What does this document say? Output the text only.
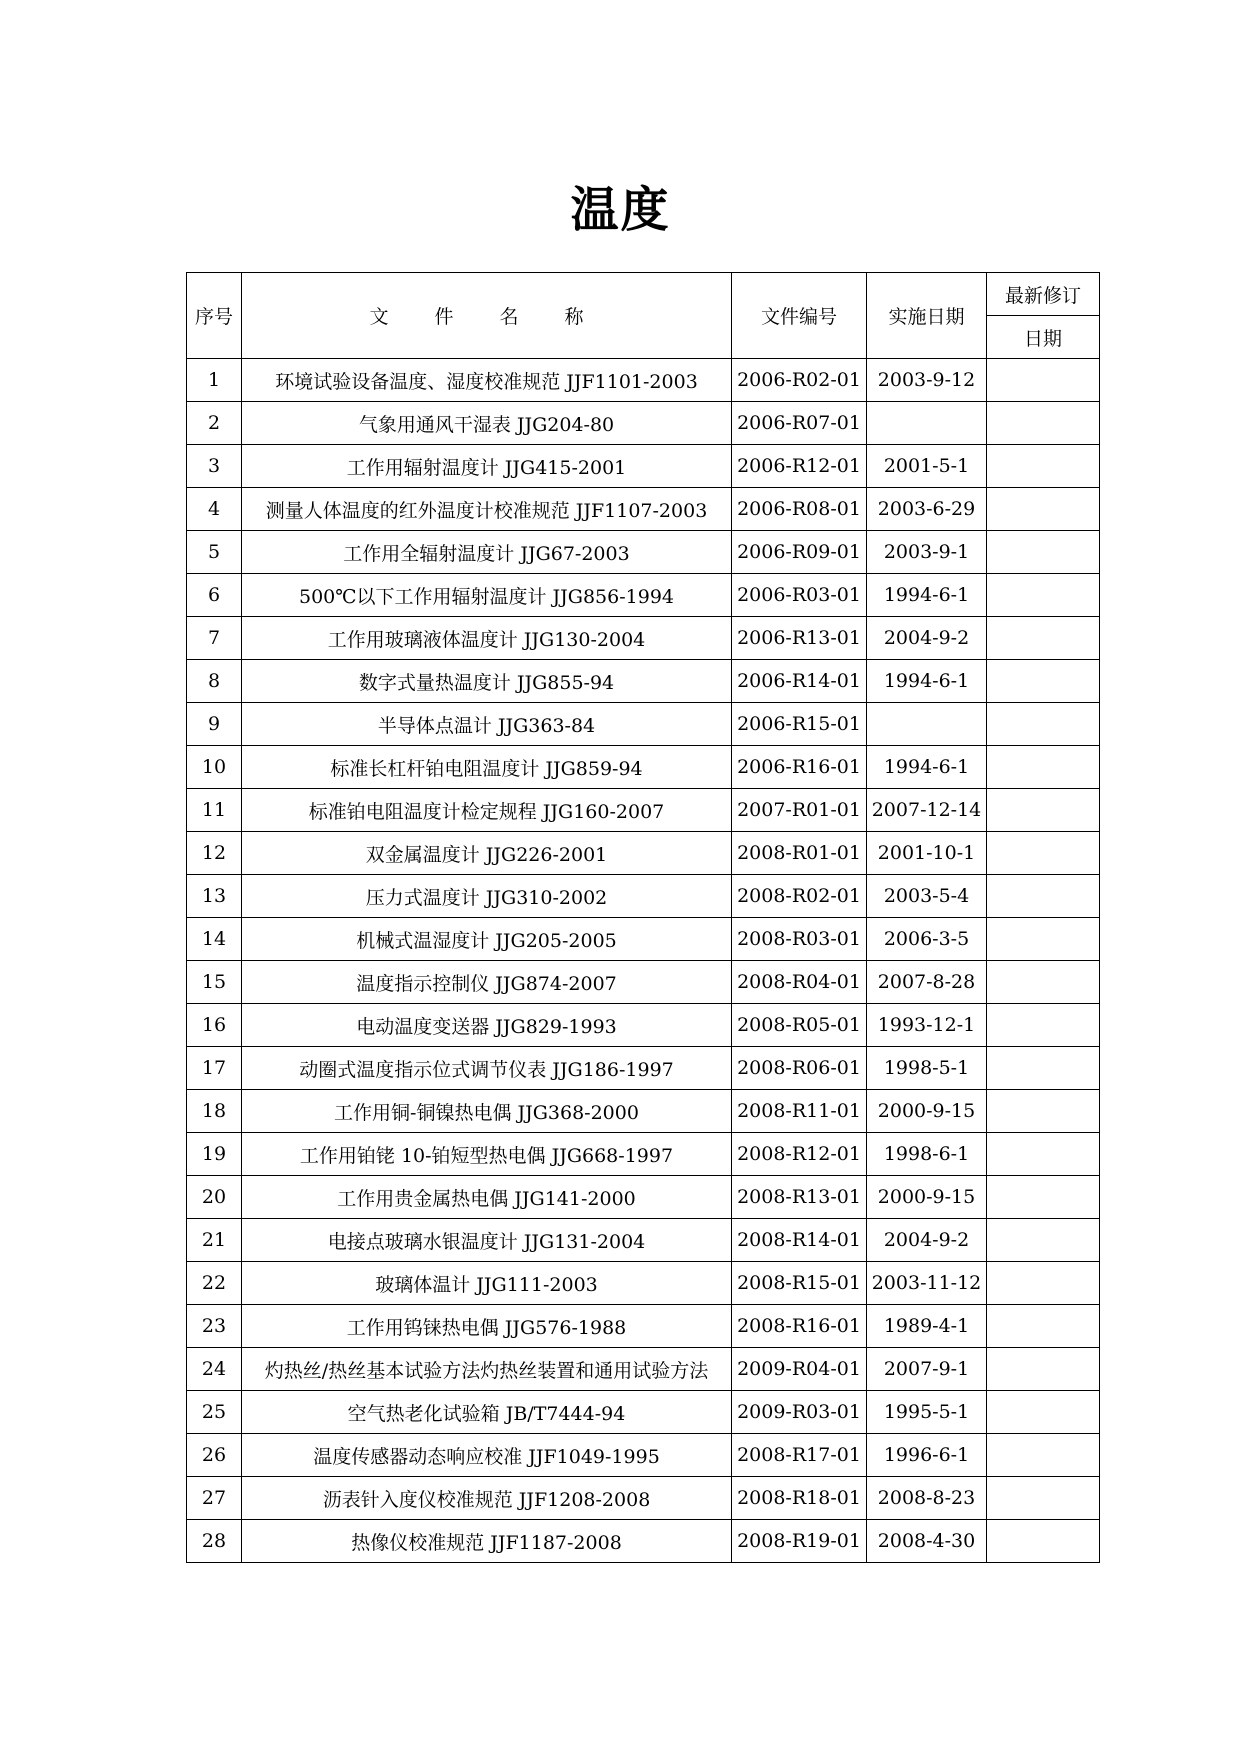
温度
序号	文 件 名 称	文件编号	实施日期	最新修订
				日期
1	环境试验设备温度、湿度校准规范 JJF1101-2003	2006-R02-01	2003-9-12	
2	气象用通风干湿表 JJG204-80	2006-R07-01		
3	工作用辐射温度计 JJG415-2001	2006-R12-01	2001-5-1	
4	测量人体温度的红外温度计校准规范 JJF1107-2003	2006-R08-01	2003-6-29	
5	工作用全辐射温度计 JJG67-2003	2006-R09-01	2003-9-1	
6	500℃以下工作用辐射温度计 JJG856-1994	2006-R03-01	1994-6-1	
7	工作用玻璃液体温度计 JJG130-2004	2006-R13-01	2004-9-2	
8	数字式量热温度计 JJG855-94	2006-R14-01	1994-6-1	
9	半导体点温计 JJG363-84	2006-R15-01		
10	标准长杠杆铂电阻温度计 JJG859-94	2006-R16-01	1994-6-1	
11	标准铂电阻温度计检定规程 JJG160-2007	2007-R01-01	2007-12-14	
12	双金属温度计 JJG226-2001	2008-R01-01	2001-10-1	
13	压力式温度计 JJG310-2002	2008-R02-01	2003-5-4	
14	机械式温湿度计 JJG205-2005	2008-R03-01	2006-3-5	
15	温度指示控制仪 JJG874-2007	2008-R04-01	2007-8-28	
16	电动温度变送器 JJG829-1993	2008-R05-01	1993-12-1	
17	动圈式温度指示位式调节仪表 JJG186-1997	2008-R06-01	1998-5-1	
18	工作用铜-铜镍热电偶 JJG368-2000	2008-R11-01	2000-9-15	
19	工作用铂铑 10-铂短型热电偶 JJG668-1997	2008-R12-01	1998-6-1	
20	工作用贵金属热电偶 JJG141-2000	2008-R13-01	2000-9-15	
21	电接点玻璃水银温度计 JJG131-2004	2008-R14-01	2004-9-2	
22	玻璃体温计 JJG111-2003	2008-R15-01	2003-11-12	
23	工作用钨铼热电偶 JJG576-1988	2008-R16-01	1989-4-1	
24	灼热丝/热丝基本试验方法灼热丝装置和通用试验方法	2009-R04-01	2007-9-1	
25	空气热老化试验箱 JB/T7444-94	2009-R03-01	1995-5-1	
26	温度传感器动态响应校准 JJF1049-1995	2008-R17-01	1996-6-1	
27	沥表针入度仪校准规范 JJF1208-2008	2008-R18-01	2008-8-23	
28	热像仪校准规范 JJF1187-2008	2008-R19-01	2008-4-30	
